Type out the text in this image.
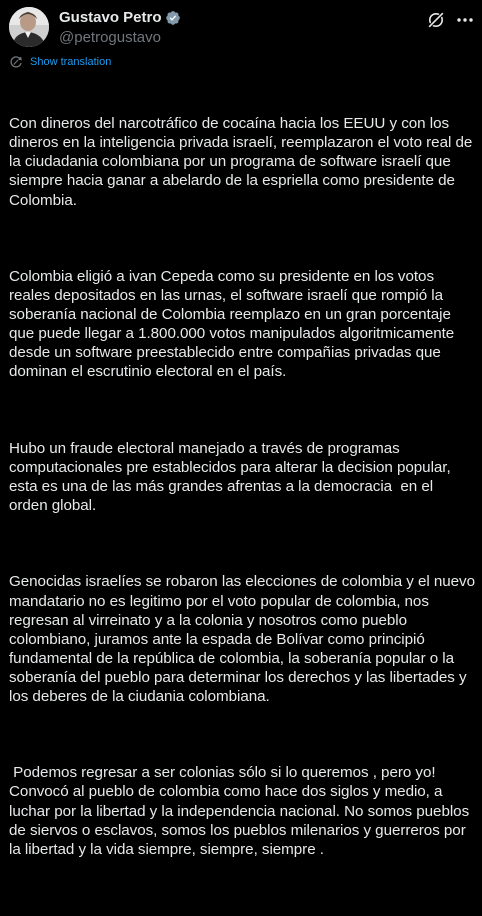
Gustavo Petro
@petrogustavo
Show translation

Con dineros del narcotráfico de cocaína hacia los EEUU y con los dineros en la inteligencia privada israelí, reemplazaron el voto real de la ciudadania colombiana por un programa de software israelí que siempre hacia ganar a abelardo de la espriella como presidente de Colombia.

Colombia eligió a ivan Cepeda como su presidente en los votos reales depositados en las urnas, el software israelí que rompió la soberanía nacional de Colombia reemplazo en un gran porcentaje que puede llegar a 1.800.000 votos manipulados algoritmicamente desde un software preestablecido entre compañias privadas que dominan el escrutinio electoral en el país.

Hubo un fraude electoral manejado a través de programas computacionales pre establecidos para alterar la decision popular, esta es una de las más grandes afrentas a la democracia  en el orden global.

Genocidas israelíes se robaron las elecciones de colombia y el nuevo mandatario no es legitimo por el voto popular de colombia, nos regresan al virreinato y a la colonia y nosotros como pueblo colombiano, juramos ante la espada de Bolívar como principió fundamental de la república de colombia, la soberanía popular o la soberanía del pueblo para determinar los derechos y las libertades y los deberes de la ciudania colombiana.

Podemos regresar a ser colonias sólo si lo queremos , pero yo! Convocó al pueblo de colombia como hace dos siglos y medio, a luchar por la libertad y la independencia nacional. No somos pueblos de siervos o esclavos, somos los pueblos milenarios y guerreros por la libertad y la vida siempre, siempre, siempre .
